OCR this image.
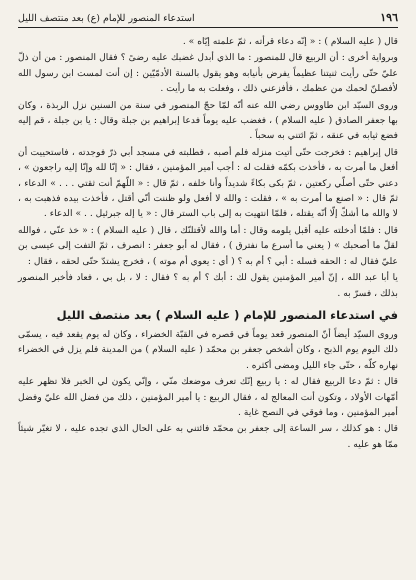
١٩٦
استدعاء المنصور للإمام (ع) بعد منتصف الليل

قال ( عليه السلام ) : « إنّه دعاء قرأته ، ثمّ علمته إيّاه » .

وبرواية أخرى : أن الربيع قال للمنصور : ما الذي أبدل غضبك عليه رضىً ؟ فقال المنصور : من أن ذلّ عليّ حتّى رأيت ثنيتنا عظيماً يفرض بأنيابه وهو يقول بالسنة الأدمّيّين : إن أنت لمست ابن رسول الله لأفصلنّ لحمك من عظمك ، فأفزعني ذلك ، وفعلت به ما رأيت .

وروى السيّد ابن طاووس رضي الله عنه أنّه لمّا حجّ المنصور في سنة من السنين نزل الربذة ، وكان بها جعفر الصادق ( عليه السلام ) ، فغضب عليه يوماً فدعا إبراهيم بن جبلة وقال : يا بن جبلة ، قم إليه فضع ثيابه في عنقه ، ثمّ ائتني به سحباً .

قال إبراهيم : فخرجت حتّى أتيت منزله فلم أصبه ، فطلبته في مسجد أبي ذرّ فوجدته ، فاستحييت أن أفعل ما أمرت به ، فأخذت بكمّه فقلت له : أجب أمير المؤمنين ، فقال : « إنّا لله وإنّا إليه راجعون » ، دعني حتّى أصلّي ركعتين ، ثمّ بكى بكاءً شديداً وأنا خلفه ، ثمّ قال : « اللّهمّ أنت ثقتي . . . » الدعاء ، ثمّ قال : « اصنع ما أمرت به » ، فقلت : والله لا أفعل ولو ظننت أنّي أقتل ، فأخذت بيده فذهبت به ، لا والله ما أشكّ إلّا أنّه يقتله ، فلمّا انتهيت به إلى باب الستر قال : « يا إله جبرئيل . . » الدعاء .

قال : فلمّا أدخلته عليه أقبل يلومه وقال : أما والله لأقتلنّك ، قال ( عليه السلام ) : « خذ عنّي ، فوالله لقلّ ما أصحبك » ( يعني ما أسرع ما نفترق ) ، فقال له أبو جعفر : انصرف ، ثمّ التفت إلى عيسى بن عليّ فقال له : الحقه فسله : أبي ؟ أم به ؟ ( أي : يعوي أم موته ) ، فخرج يشتدّ حتّى لحقه ، فقال :

يا أبا عبد الله ، إنّ أمير المؤمنين يقول لك : أبك ؟ أم به ؟ فقال : لا ، بل بي ، فعاد فأخبر المنصور بذلك ، فسرّ به .

في استدعاء المنصور للإمام ( عليه السلام ) بعد منتصف الليل

وروى السيّد أيضاً أنّ المنصور قعد يوماً في قصره في القبّة الخضراء ، وكان له يوم يقعد فيه ، يسمّى ذلك اليوم يوم الذبح ، وكان أشخص جعفر بن محمّد ( عليه السلام ) من المدينة فلم يزل في الخضراء نهاره كلّه ، حتّى جاء الليل ومضى أكثره .

قال : ثمّ دعا الربيع فقال له : يا ربيع إنّك تعرف موضعك منّي ، وإنّي يكون لي الخبر فلا تظهر عليه أمّهات الأولاد ، وتكون أنت المعالج له ، فقال الربيع : يا أمير المؤمنين ، ذلك من فضل الله عليّ وفضل أمير المؤمنين ، وما فوقي في النصح غاية .

قال : هو كذلك ، سر الساعة إلى جعفر بن محمّد فائتني به على الحال الذي تجده عليه ، لا تغيّر شيئاً ممّا هو عليه .
